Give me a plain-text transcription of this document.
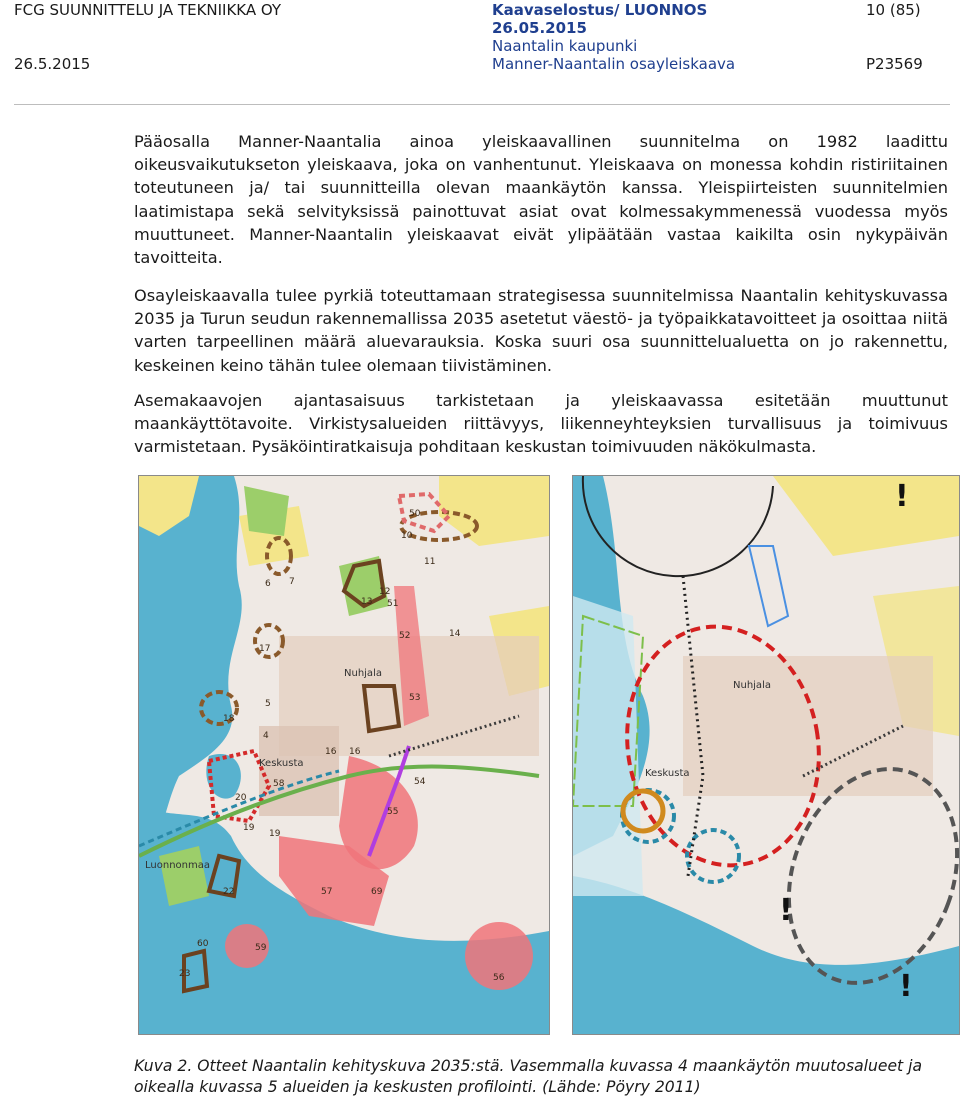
FCG SUUNNITTELU JA TEKNIIKKA OY	Kaavaselostus/ LUONNOS
26.05.2015
10 (85)
Naantalin kaupunki
26.5.2015	Manner-Naantalin osayleiskaava	P23569

Pääosalla Manner-Naantalia ainoa yleiskaavallinen suunnitelma on 1982 laadittu oikeusvaikutukseton yleiskaava, joka on vanhentunut. Yleiskaava on monessa kohdin ristiriitainen toteutuneen ja/ tai suunnitteilla olevan maankäytön kanssa. Yleispiirteisten suunnitelmien laatimistapa sekä selvityksissä painottuvat asiat ovat kolmessakymmenessä vuodessa myös muuttuneet. Manner-Naantalin yleiskaavat eivät ylipäätään vastaa kaikilta osin nykypäivän tavoitteita.

Osayleiskaavalla tulee pyrkiä toteuttamaan strategisessa suunnitelmissa Naantalin kehityskuvassa 2035 ja Turun seudun rakennemallissa 2035 asetetut väestö- ja työpaikkatavoitteet ja osoittaa niitä varten tarpeellinen määrä aluevarauksia. Koska suuri osa suunnittelualuetta on jo rakennettu, keskeinen keino tähän tulee olemaan tiivistäminen.

Asemakaavojen ajantasaisuus tarkistetaan ja yleiskaavassa esitetään muuttunut maankäyttötavoite. Virkistysalueiden riittävyys, liikenneyhteyksien turvallisuus ja toimivuus varmistetaan. Pysäköintiratkaisuja pohditaan keskustan toimivuuden näkökulmasta.

Nuhjala
Keskusta
Luonnonmaa
50
10
11
6 7
13
12
51
52	14
17
53
18
5
4
16 16
58	54
55
20
19
19
57	69
22
60	59
23	56
Nuhjala
Keskusta
!
!
!

Kuva 2. Otteet Naantalin kehityskuva 2035:stä. Vasemmalla kuvassa 4 maankäytön muutosalueet ja oikealla kuvassa 5 alueiden ja keskusten profilointi. (Lähde: Pöyry 2011)
